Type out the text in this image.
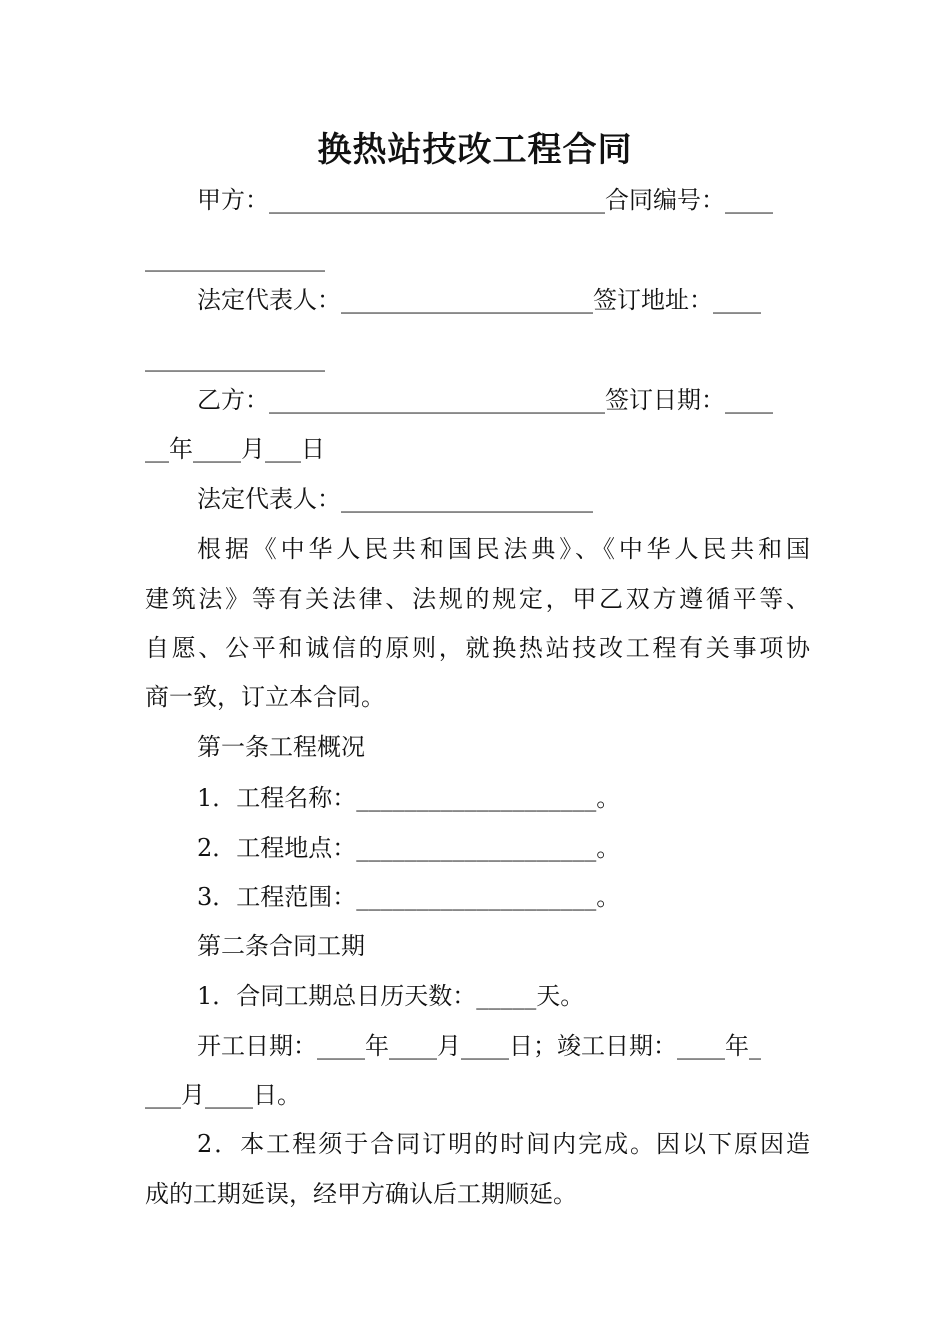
换热站技改工程合同
甲方：____________________________合同编号：____
_______________
法定代表人：_____________________签订地址：____
_______________
乙方：____________________________签订日期：____
__年____月___日
法定代表人：_____________________
根据《中华人民共和国民法典》、《中华人民共和国
建筑法》等有关法律、法规的规定，甲乙双方遵循平等、
自愿、公平和诚信的原则，就换热站技改工程有关事项协
商一致，订立本合同。
第一条工程概况
1．工程名称：____________________。
2．工程地点：____________________。
3．工程范围：____________________。
第二条合同工期
1．合同工期总日历天数：_____天。
开工日期：____年____月____日；竣工日期：____年_
___月____日。
2．本工程须于合同订明的时间内完成。因以下原因造
成的工期延误，经甲方确认后工期顺延。
